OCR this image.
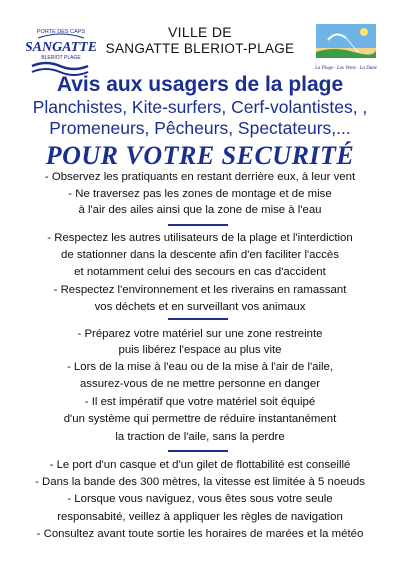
PORTE DES CAPS
SANGATTE
BLERIOT PLAGE
VILLE DE
SANGATTE BLERIOT-PLAGE
La Plage · Les Vents · La Dune
Avis aux usagers de la plage
Planchistes, Kite-surfers, Cerf-volantistes, ,
Promeneurs, Pêcheurs, Spectateurs,...
POUR VOTRE SECURITÉ
- Observez les pratiquants en restant derrière eux, à leur vent
- Ne traversez pas les zones de montage et de mise
à l'air des ailes ainsi que la zone de mise à l'eau
- Respectez les autres utilisateurs de la plage et l'interdiction
de stationner dans la descente afin d'en faciliter l'accès
et notamment celui des secours en cas d'accident
- Respectez l'environnement et les riverains en ramassant
vos déchets et en surveillant vos animaux
- Préparez votre matériel sur une zone restreinte
puis libérez l'espace au plus vite
- Lors de la mise à l'eau ou de la mise à l'air de l'aile,
assurez-vous de ne mettre personne en danger
- Il est impératif que votre matériel soit équipé
d'un système qui permettre de réduire instantanément
la traction de l'aile, sans la perdre
- Le port d'un casque et d'un gilet de flottabilité est conseillé
- Dans la bande des 300 mètres, la vitesse est limitée à 5 noeuds
- Lorsque vous naviguez, vous êtes sous votre seule
responsabité, veillez à appliquer les règles de navigation
- Consultez avant toute sortie les horaires de marées et la météo
